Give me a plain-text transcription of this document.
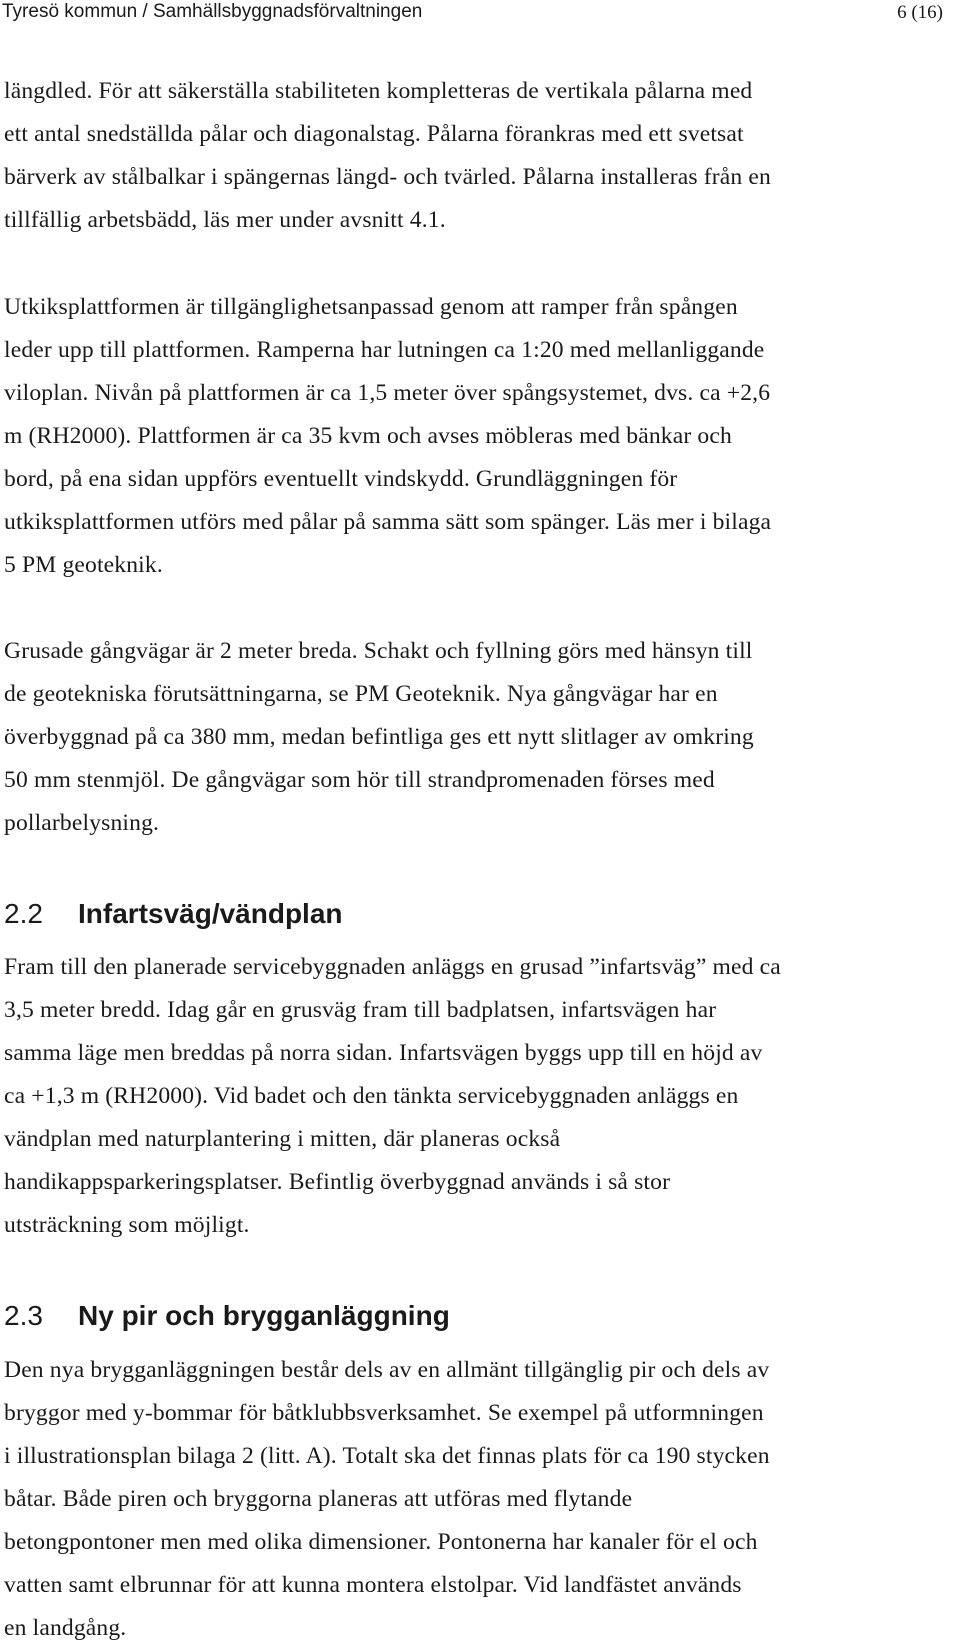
Tyresö kommun / Samhällsbyggnadsförvaltningen	6 (16)
längdled. För att säkerställa stabiliteten kompletteras de vertikala pålarna med
ett antal snedställda pålar och diagonalstag. Pålarna förankras med ett svetsat
bärverk av stålbalkar i spängernas längd- och tvärled. Pålarna installeras från en
tillfällig arbetsbädd, läs mer under avsnitt 4.1.
Utkiksplattformen är tillgänglighetsanpassad genom att ramper från spången
leder upp till plattformen. Ramperna har lutningen ca 1:20 med mellanliggande
viloplan. Nivån på plattformen är ca 1,5 meter över spångsystemet, dvs. ca +2,6
m (RH2000). Plattformen är ca 35 kvm och avses möbleras med bänkar och
bord, på ena sidan uppförs eventuellt vindskydd. Grundläggningen för
utkiksplattformen utförs med pålar på samma sätt som spänger. Läs mer i bilaga
5 PM geoteknik.
Grusade gångvägar är 2 meter breda. Schakt och fyllning görs med hänsyn till
de geotekniska förutsättningarna, se PM Geoteknik. Nya gångvägar har en
överbyggnad på ca 380 mm, medan befintliga ges ett nytt slitlager av omkring
50 mm stenmjöl. De gångvägar som hör till strandpromenaden förses med
pollarbelysning.
2.2 Infartsväg/vändplan
Fram till den planerade servicebyggnaden anläggs en grusad ”infartsväg” med ca
3,5 meter bredd. Idag går en grusväg fram till badplatsen, infartsvägen har
samma läge men breddas på norra sidan. Infartsvägen byggs upp till en höjd av
ca +1,3 m (RH2000). Vid badet och den tänkta servicebyggnaden anläggs en
vändplan med naturplantering i mitten, där planeras också
handikappsparkeringsplatser. Befintlig överbyggnad används i så stor
utsträckning som möjligt.
2.3 Ny pir och brygganläggning
Den nya brygganläggningen består dels av en allmänt tillgänglig pir och dels av
bryggor med y-bommar för båtklubbsverksamhet. Se exempel på utformningen
i illustrationsplan bilaga 2 (litt. A). Totalt ska det finnas plats för ca 190 stycken
båtar. Både piren och bryggorna planeras att utföras med flytande
betongpontoner men med olika dimensioner. Pontonerna har kanaler för el och
vatten samt elbrunnar för att kunna montera elstolpar. Vid landfästet används
en landgång.
